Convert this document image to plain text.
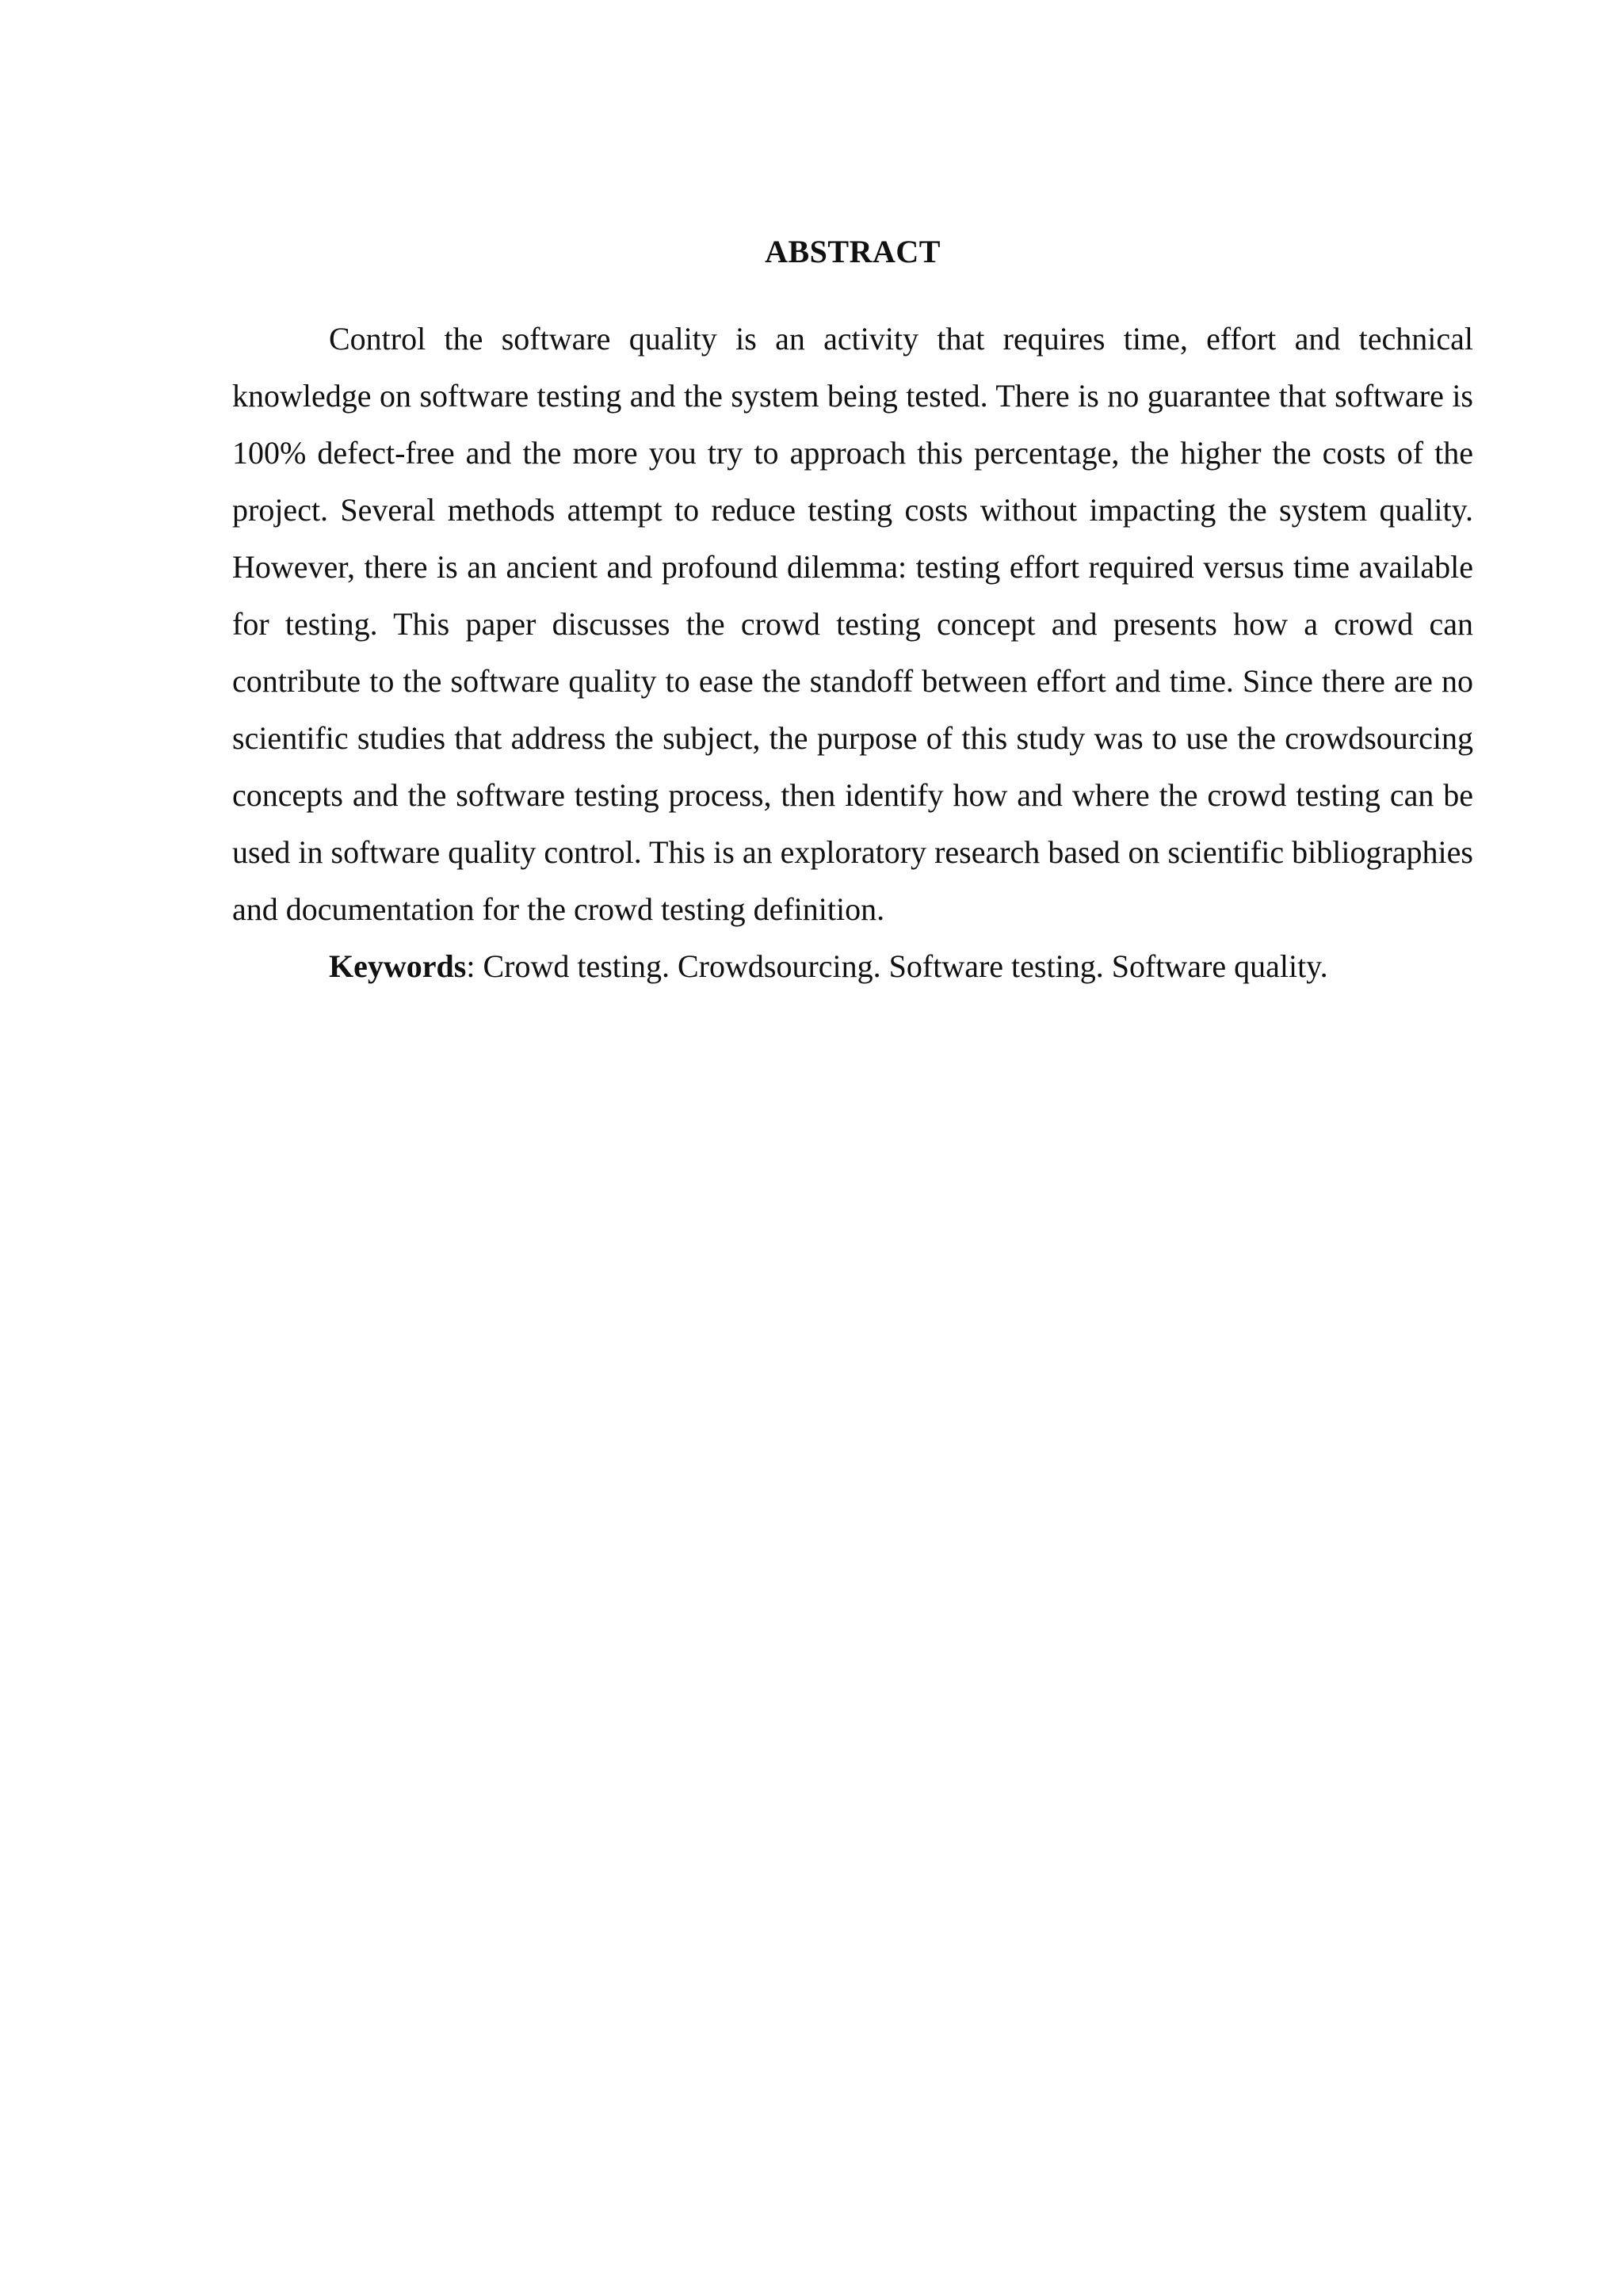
ABSTRACT

Control the software quality is an activity that requires time, effort and technical knowledge on software testing and the system being tested. There is no guarantee that software is 100% defect-free and the more you try to approach this percentage, the higher the costs of the project. Several methods attempt to reduce testing costs without impacting the system quality. However, there is an ancient and profound dilemma: testing effort required versus time available for testing. This paper discusses the crowd testing concept and presents how a crowd can contribute to the software quality to ease the standoff between effort and time. Since there are no scientific studies that address the subject, the purpose of this study was to use the crowdsourcing concepts and the software testing process, then identify how and where the crowd testing can be used in software quality control. This is an exploratory research based on scientific bibliographies and documentation for the crowd testing definition.

Keywords: Crowd testing. Crowdsourcing. Software testing. Software quality.
